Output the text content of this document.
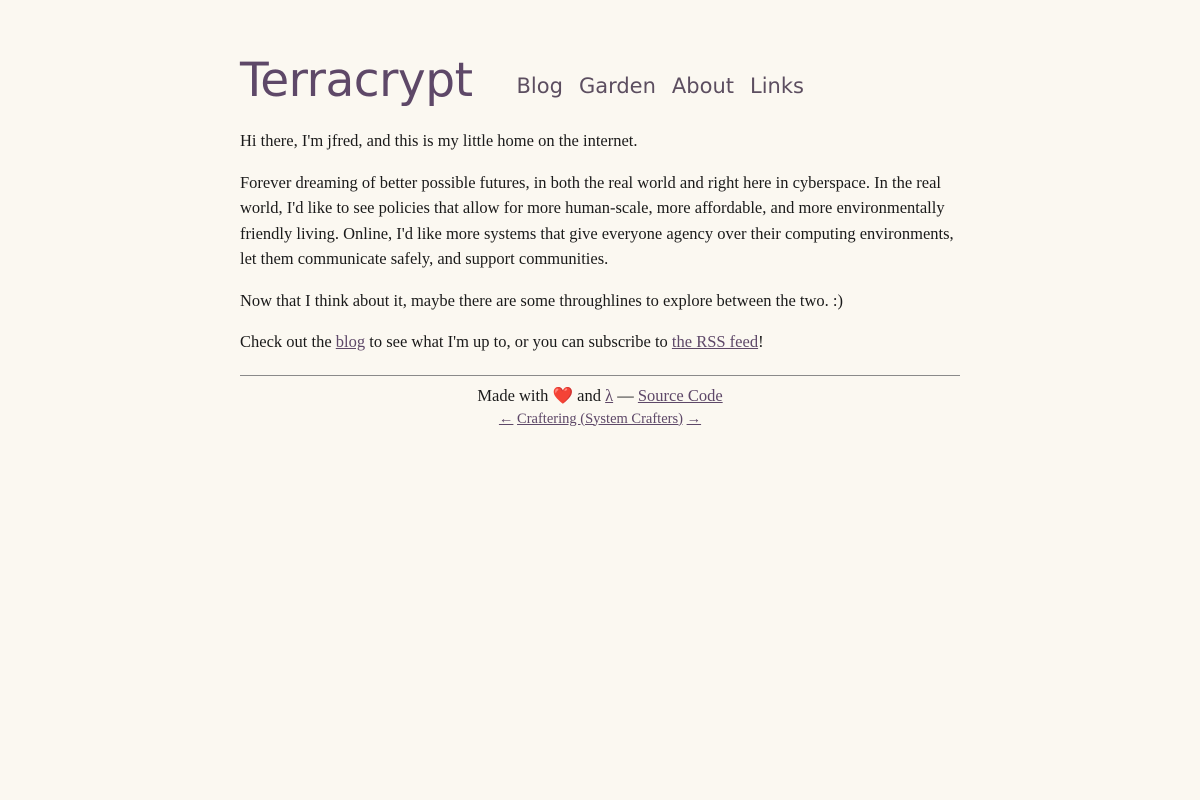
Terracrypt Blog Garden About Links

Hi there, I'm jfred, and this is my little home on the internet.

Forever dreaming of better possible futures, in both the real world and right here in cyberspace. In the real world, I'd like to see policies that allow for more human-scale, more affordable, and more environmentally friendly living. Online, I'd like more systems that give everyone agency over their computing environments, let them communicate safely, and support communities.

Now that I think about it, maybe there are some throughlines to explore between the two. :)

Check out the blog to see what I'm up to, or you can subscribe to the RSS feed!

Made with ❤️ and λ — Source Code
← Craftering (System Crafters) →
